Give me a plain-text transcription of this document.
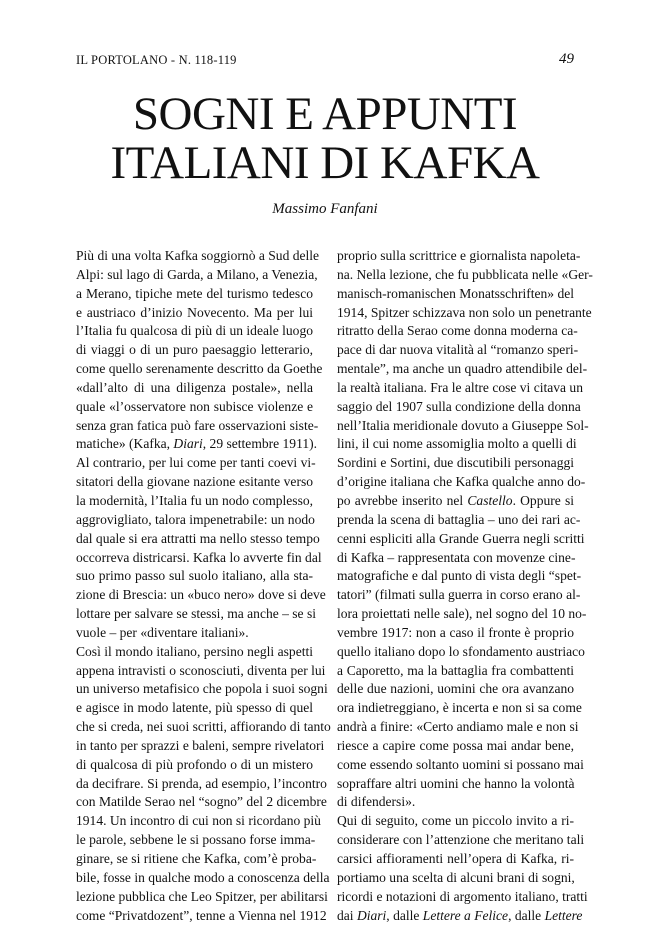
IL PORTOLANO - N. 118-119	49
SOGNI E APPUNTI
ITALIANI DI KAFKA
Massimo Fanfani
Più di una volta Kafka soggiornò a Sud delle
Alpi: sul lago di Garda, a Milano, a Venezia,
a Merano, tipiche mete del turismo tedesco
e austriaco d’inizio Novecento. Ma per lui
l’Italia fu qualcosa di più di un ideale luogo
di viaggi o di un puro paesaggio letterario,
come quello serenamente descritto da Goethe
«dall’alto di una diligenza postale», nella
quale «l’osservatore non subisce violenze e
senza gran fatica può fare osservazioni siste-
matiche» (Kafka, Diari, 29 settembre 1911).
Al contrario, per lui come per tanti coevi vi-
sitatori della giovane nazione esitante verso
la modernità, l’Italia fu un nodo complesso,
aggrovigliato, talora impenetrabile: un nodo
dal quale si era attratti ma nello stesso tempo
occorreva districarsi. Kafka lo avverte fin dal
suo primo passo sul suolo italiano, alla sta-
zione di Brescia: un «buco nero» dove si deve
lottare per salvare se stessi, ma anche – se si
vuole – per «diventare italiani».
Così il mondo italiano, persino negli aspetti
appena intravisti o sconosciuti, diventa per lui
un universo metafisico che popola i suoi sogni
e agisce in modo latente, più spesso di quel
che si creda, nei suoi scritti, affiorando di tanto
in tanto per sprazzi e baleni, sempre rivelatori
di qualcosa di più profondo o di un mistero
da decifrare. Si prenda, ad esempio, l’incontro
con Matilde Serao nel “sogno” del 2 dicembre
1914. Un incontro di cui non si ricordano più
le parole, sebbene le si possano forse imma-
ginare, se si ritiene che Kafka, com’è proba-
bile, fosse in qualche modo a conoscenza della
lezione pubblica che Leo Spitzer, per abilitarsi
come “Privatdozent”, tenne a Vienna nel 1912
proprio sulla scrittrice e giornalista napoleta-
na. Nella lezione, che fu pubblicata nelle «Ger-
manisch-romanischen Monatsschriften» del
1914, Spitzer schizzava non solo un penetrante
ritratto della Serao come donna moderna ca-
pace di dar nuova vitalità al “romanzo speri-
mentale”, ma anche un quadro attendibile del-
la realtà italiana. Fra le altre cose vi citava un
saggio del 1907 sulla condizione della donna
nell’Italia meridionale dovuto a Giuseppe Sol-
lini, il cui nome assomiglia molto a quelli di
Sordini e Sortini, due discutibili personaggi
d’origine italiana che Kafka qualche anno do-
po avrebbe inserito nel Castello. Oppure si
prenda la scena di battaglia – uno dei rari ac-
cenni espliciti alla Grande Guerra negli scritti
di Kafka – rappresentata con movenze cine-
matografiche e dal punto di vista degli “spet-
tatori” (filmati sulla guerra in corso erano al-
lora proiettati nelle sale), nel sogno del 10 no-
vembre 1917: non a caso il fronte è proprio
quello italiano dopo lo sfondamento austriaco
a Caporetto, ma la battaglia fra combattenti
delle due nazioni, uomini che ora avanzano
ora indietreggiano, è incerta e non si sa come
andrà a finire: «Certo andiamo male e non si
riesce a capire come possa mai andar bene,
come essendo soltanto uomini si possano mai
sopraffare altri uomini che hanno la volontà
di difendersi».
Qui di seguito, come un piccolo invito a ri-
considerare con l’attenzione che meritano tali
carsici affioramenti nell’opera di Kafka, ri-
portiamo una scelta di alcuni brani di sogni,
ricordi e notazioni di argomento italiano, tratti
dai Diari, dalle Lettere a Felice, dalle Lettere
